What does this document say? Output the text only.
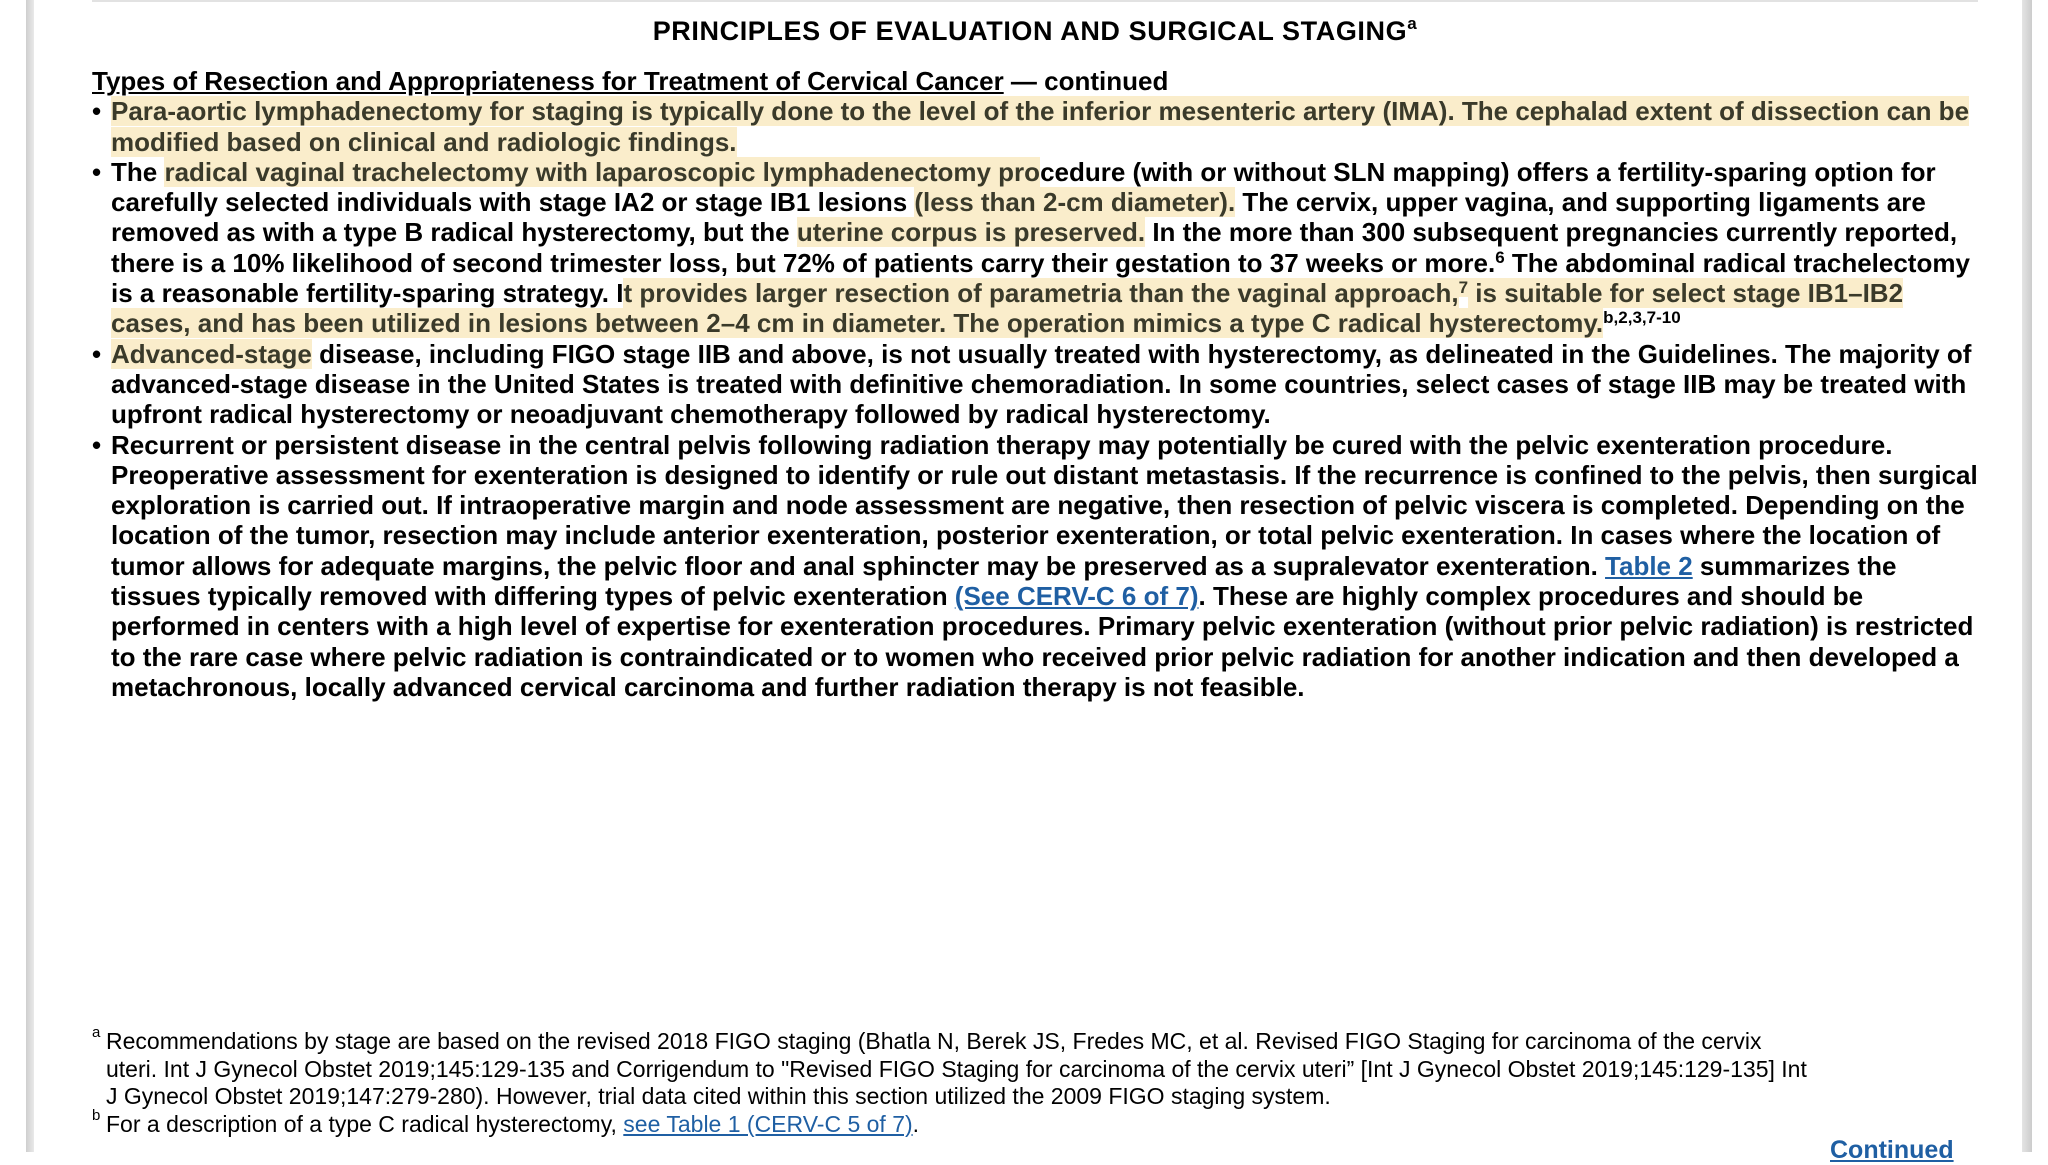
PRINCIPLES OF EVALUATION AND SURGICAL STAGING$^a$
Types of Resection and Appropriateness for Treatment of Cervical Cancer — continued
• Para-aortic lymphadenectomy for staging is typically done to the level of the inferior mesenteric artery (IMA). The cephalad extent of dissection can be modified based on clinical and radiologic findings.
• The radical vaginal trachelectomy with laparoscopic lymphadenectomy procedure (with or without SLN mapping) offers a fertility-sparing option for carefully selected individuals with stage IA2 or stage IB1 lesions (less than 2-cm diameter). The cervix, upper vagina, and supporting ligaments are removed as with a type B radical hysterectomy, but the uterine corpus is preserved. In the more than 300 subsequent pregnancies currently reported, there is a 10% likelihood of second trimester loss, but 72% of patients carry their gestation to 37 weeks or more.$^6$ The abdominal radical trachelectomy is a reasonable fertility-sparing strategy. It provides larger resection of parametria than the vaginal approach,$^7$ is suitable for select stage IB1–IB2 cases, and has been utilized in lesions between 2–4 cm in diameter. The operation mimics a type C radical hysterectomy.$^{b,2,3,7-10}$
• Advanced-stage disease, including FIGO stage IIB and above, is not usually treated with hysterectomy, as delineated in the Guidelines. The majority of advanced-stage disease in the United States is treated with definitive chemoradiation. In some countries, select cases of stage IIB may be treated with upfront radical hysterectomy or neoadjuvant chemotherapy followed by radical hysterectomy.
• Recurrent or persistent disease in the central pelvis following radiation therapy may potentially be cured with the pelvic exenteration procedure. Preoperative assessment for exenteration is designed to identify or rule out distant metastasis. If the recurrence is confined to the pelvis, then surgical exploration is carried out. If intraoperative margin and node assessment are negative, then resection of pelvic viscera is completed. Depending on the location of the tumor, resection may include anterior exenteration, posterior exenteration, or total pelvic exenteration. In cases where the location of tumor allows for adequate margins, the pelvic floor and anal sphincter may be preserved as a supralevator exenteration. Table 2 summarizes the tissues typically removed with differing types of pelvic exenteration (See CERV-C 6 of 7). These are highly complex procedures and should be performed in centers with a high level of expertise for exenteration procedures. Primary pelvic exenteration (without prior pelvic radiation) is restricted to the rare case where pelvic radiation is contraindicated or to women who received prior pelvic radiation for another indication and then developed a metachronous, locally advanced cervical carcinoma and further radiation therapy is not feasible.
a Recommendations by stage are based on the revised 2018 FIGO staging (Bhatla N, Berek JS, Fredes MC, et al. Revised FIGO Staging for carcinoma of the cervix
uteri. Int J Gynecol Obstet 2019;145:129-135 and Corrigendum to "Revised FIGO Staging for carcinoma of the cervix uteri” [Int J Gynecol Obstet 2019;145:129-135] Int
J Gynecol Obstet 2019;147:279-280). However, trial data cited within this section utilized the 2009 FIGO staging system.
b For a description of a type C radical hysterectomy, see Table 1 (CERV-C 5 of 7).
Continued
